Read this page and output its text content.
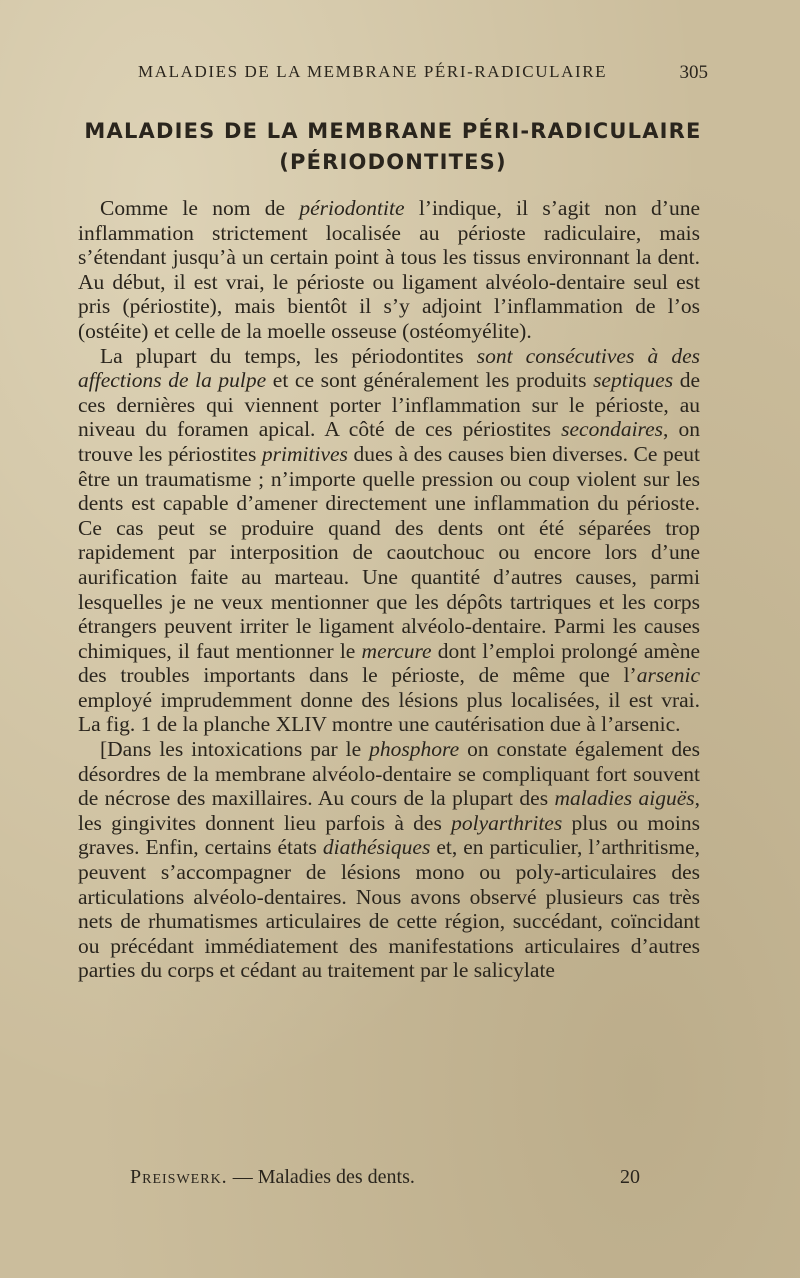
MALADIES DE LA MEMBRANE PÉRI-RADICULAIRE	305
MALADIES DE LA MEMBRANE PÉRI-RADICULAIRE
(PÉRIODONTITES)

Comme le nom de périodontite l’indique, il s’agit non d’une inflammation strictement localisée au périoste radiculaire, mais s’étendant jusqu’à un certain point à tous les tissus environnant la dent. Au début, il est vrai, le périoste ou ligament alvéolo-dentaire seul est pris (périostite), mais bientôt il s’y adjoint l’inflammation de l’os (ostéite) et celle de la moelle osseuse (ostéomyélite).

La plupart du temps, les périodontites sont consécutives à des affections de la pulpe et ce sont généralement les produits septiques de ces dernières qui viennent porter l’inflammation sur le périoste, au niveau du foramen apical. A côté de ces périostites secondaires, on trouve les périostites primitives dues à des causes bien diverses. Ce peut être un traumatisme ; n’importe quelle pression ou coup violent sur les dents est capable d’amener directement une inflammation du périoste. Ce cas peut se produire quand des dents ont été séparées trop rapidement par interposition de caoutchouc ou encore lors d’une aurification faite au marteau. Une quantité d’autres causes, parmi lesquelles je ne veux mentionner que les dépôts tartriques et les corps étrangers peuvent irriter le ligament alvéolo-dentaire. Parmi les causes chimiques, il faut mentionner le mercure dont l’emploi prolongé amène des troubles importants dans le périoste, de même que l’arsenic employé imprudemment donne des lésions plus localisées, il est vrai. La fig. 1 de la planche XLIV montre une cautérisation due à l’arsenic.

[Dans les intoxications par le phosphore on constate également des désordres de la membrane alvéolo-dentaire se compliquant fort souvent de nécrose des maxillaires. Au cours de la plupart des maladies aiguës, les gingivites donnent lieu parfois à des polyarthrites plus ou moins graves. Enfin, certains états diathésiques et, en particulier, l’arthritisme, peuvent s’accompagner de lésions mono ou poly-articulaires des articulations alvéolo-dentaires. Nous avons observé plusieurs cas très nets de rhumatismes articulaires de cette région, succédant, coïncidant ou précédant immédiatement des manifestations articulaires d’autres parties du corps et cédant au traitement par le salicylate

Preiswerk. — Maladies des dents.	20
